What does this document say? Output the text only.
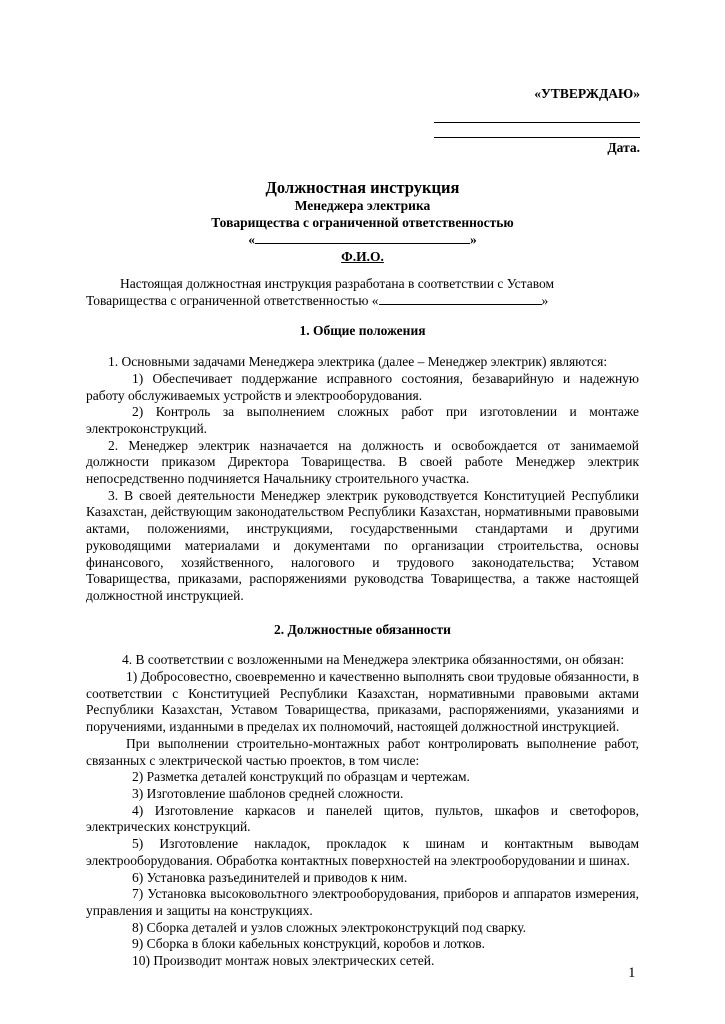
«УТВЕРЖДАЮ»
Дата.
Должностная инструкция
Менеджера электрика
Товарищества с ограниченной ответственностью
«	»
Ф.И.О.

Настоящая должностная инструкция разработана в соответствии с Уставом

Товарищества с ограниченной ответственностью «	»

1. Общие положения

1. Основными задачами Менеджера электрика (далее – Менеджер электрик) являются:

1) Обеспечивает поддержание исправного состояния, безаварийную и надежную работу обслуживаемых устройств и электрооборудования.

2) Контроль за выполнением сложных работ при изготовлении и монтаже электроконструкций.

2. Менеджер электрик назначается на должность и освобождается от занимаемой должности приказом Директора Товарищества. В своей работе Менеджер электрик непосредственно подчиняется Начальнику строительного участка.

3. В своей деятельности Менеджер электрик руководствуется Конституцией Республики Казахстан, действующим законодательством Республики Казахстан, нормативными правовыми актами, положениями, инструкциями, государственными стандартами и другими руководящими материалами и документами по организации строительства, основы финансового, хозяйственного, налогового и трудового законодательства; Уставом Товарищества, приказами, распоряжениями руководства Товарищества, а также настоящей должностной инструкцией.

2. Должностные обязанности

4. В соответствии с возложенными на Менеджера электрика обязанностями, он обязан:

1) Добросовестно, своевременно и качественно выполнять свои трудовые обязанности, в соответствии с Конституцией Республики Казахстан, нормативными правовыми актами Республики Казахстан, Уставом Товарищества, приказами, распоряжениями, указаниями и поручениями, изданными в пределах их полномочий, настоящей должностной инструкцией.

При выполнении строительно-монтажных работ контролировать выполнение работ, связанных с электрической частью проектов, в том числе:

2) Разметка деталей конструкций по образцам и чертежам.

3) Изготовление шаблонов средней сложности.

4) Изготовление каркасов и панелей щитов, пультов, шкафов и светофоров, электрических конструкций.

5) Изготовление накладок, прокладок к шинам и контактным выводам электрооборудования. Обработка контактных поверхностей на электрооборудовании и шинах.

6) Установка разъединителей и приводов к ним.

7) Установка высоковольтного электрооборудования, приборов и аппаратов измерения, управления и защиты на конструкциях.

8) Сборка деталей и узлов сложных электроконструкций под сварку.

9) Сборка в блоки кабельных конструкций, коробов и лотков.

10) Производит монтаж новых электрических сетей.

1
